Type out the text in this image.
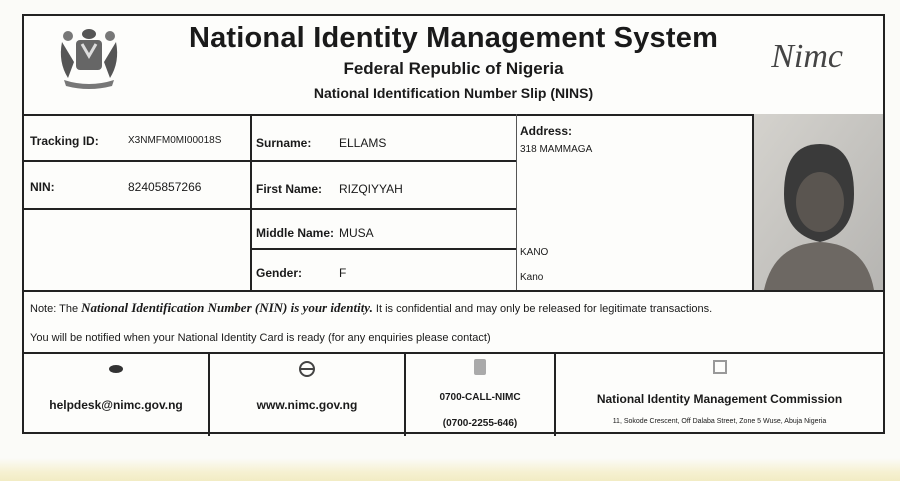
National Identity Management System
Federal Republic of Nigeria
National Identification Number Slip (NINS)
Nimc
Tracking ID:	X3NMFM0MI00018S
NIN:	82405857266
Surname: ELLAMS
First Name: RIZQIYYAH
Middle Name: MUSA
Gender:	F
Address:
318 MAMMAGA
KANO
Kano
Note: The National Identification Number (NIN) is your identity. It is confidential and may only be released for legitimate transactions.
You will be notified when your National Identity Card is ready (for any enquiries please contact)
helpdesk@nimc.gov.ng	www.nimc.gov.ng
0700-CALL-NIMC
(0700-2255-646)
National Identity Management Commission
11, Sokode Crescent, Off Dalaba Street, Zone 5 Wuse, Abuja Nigeria
